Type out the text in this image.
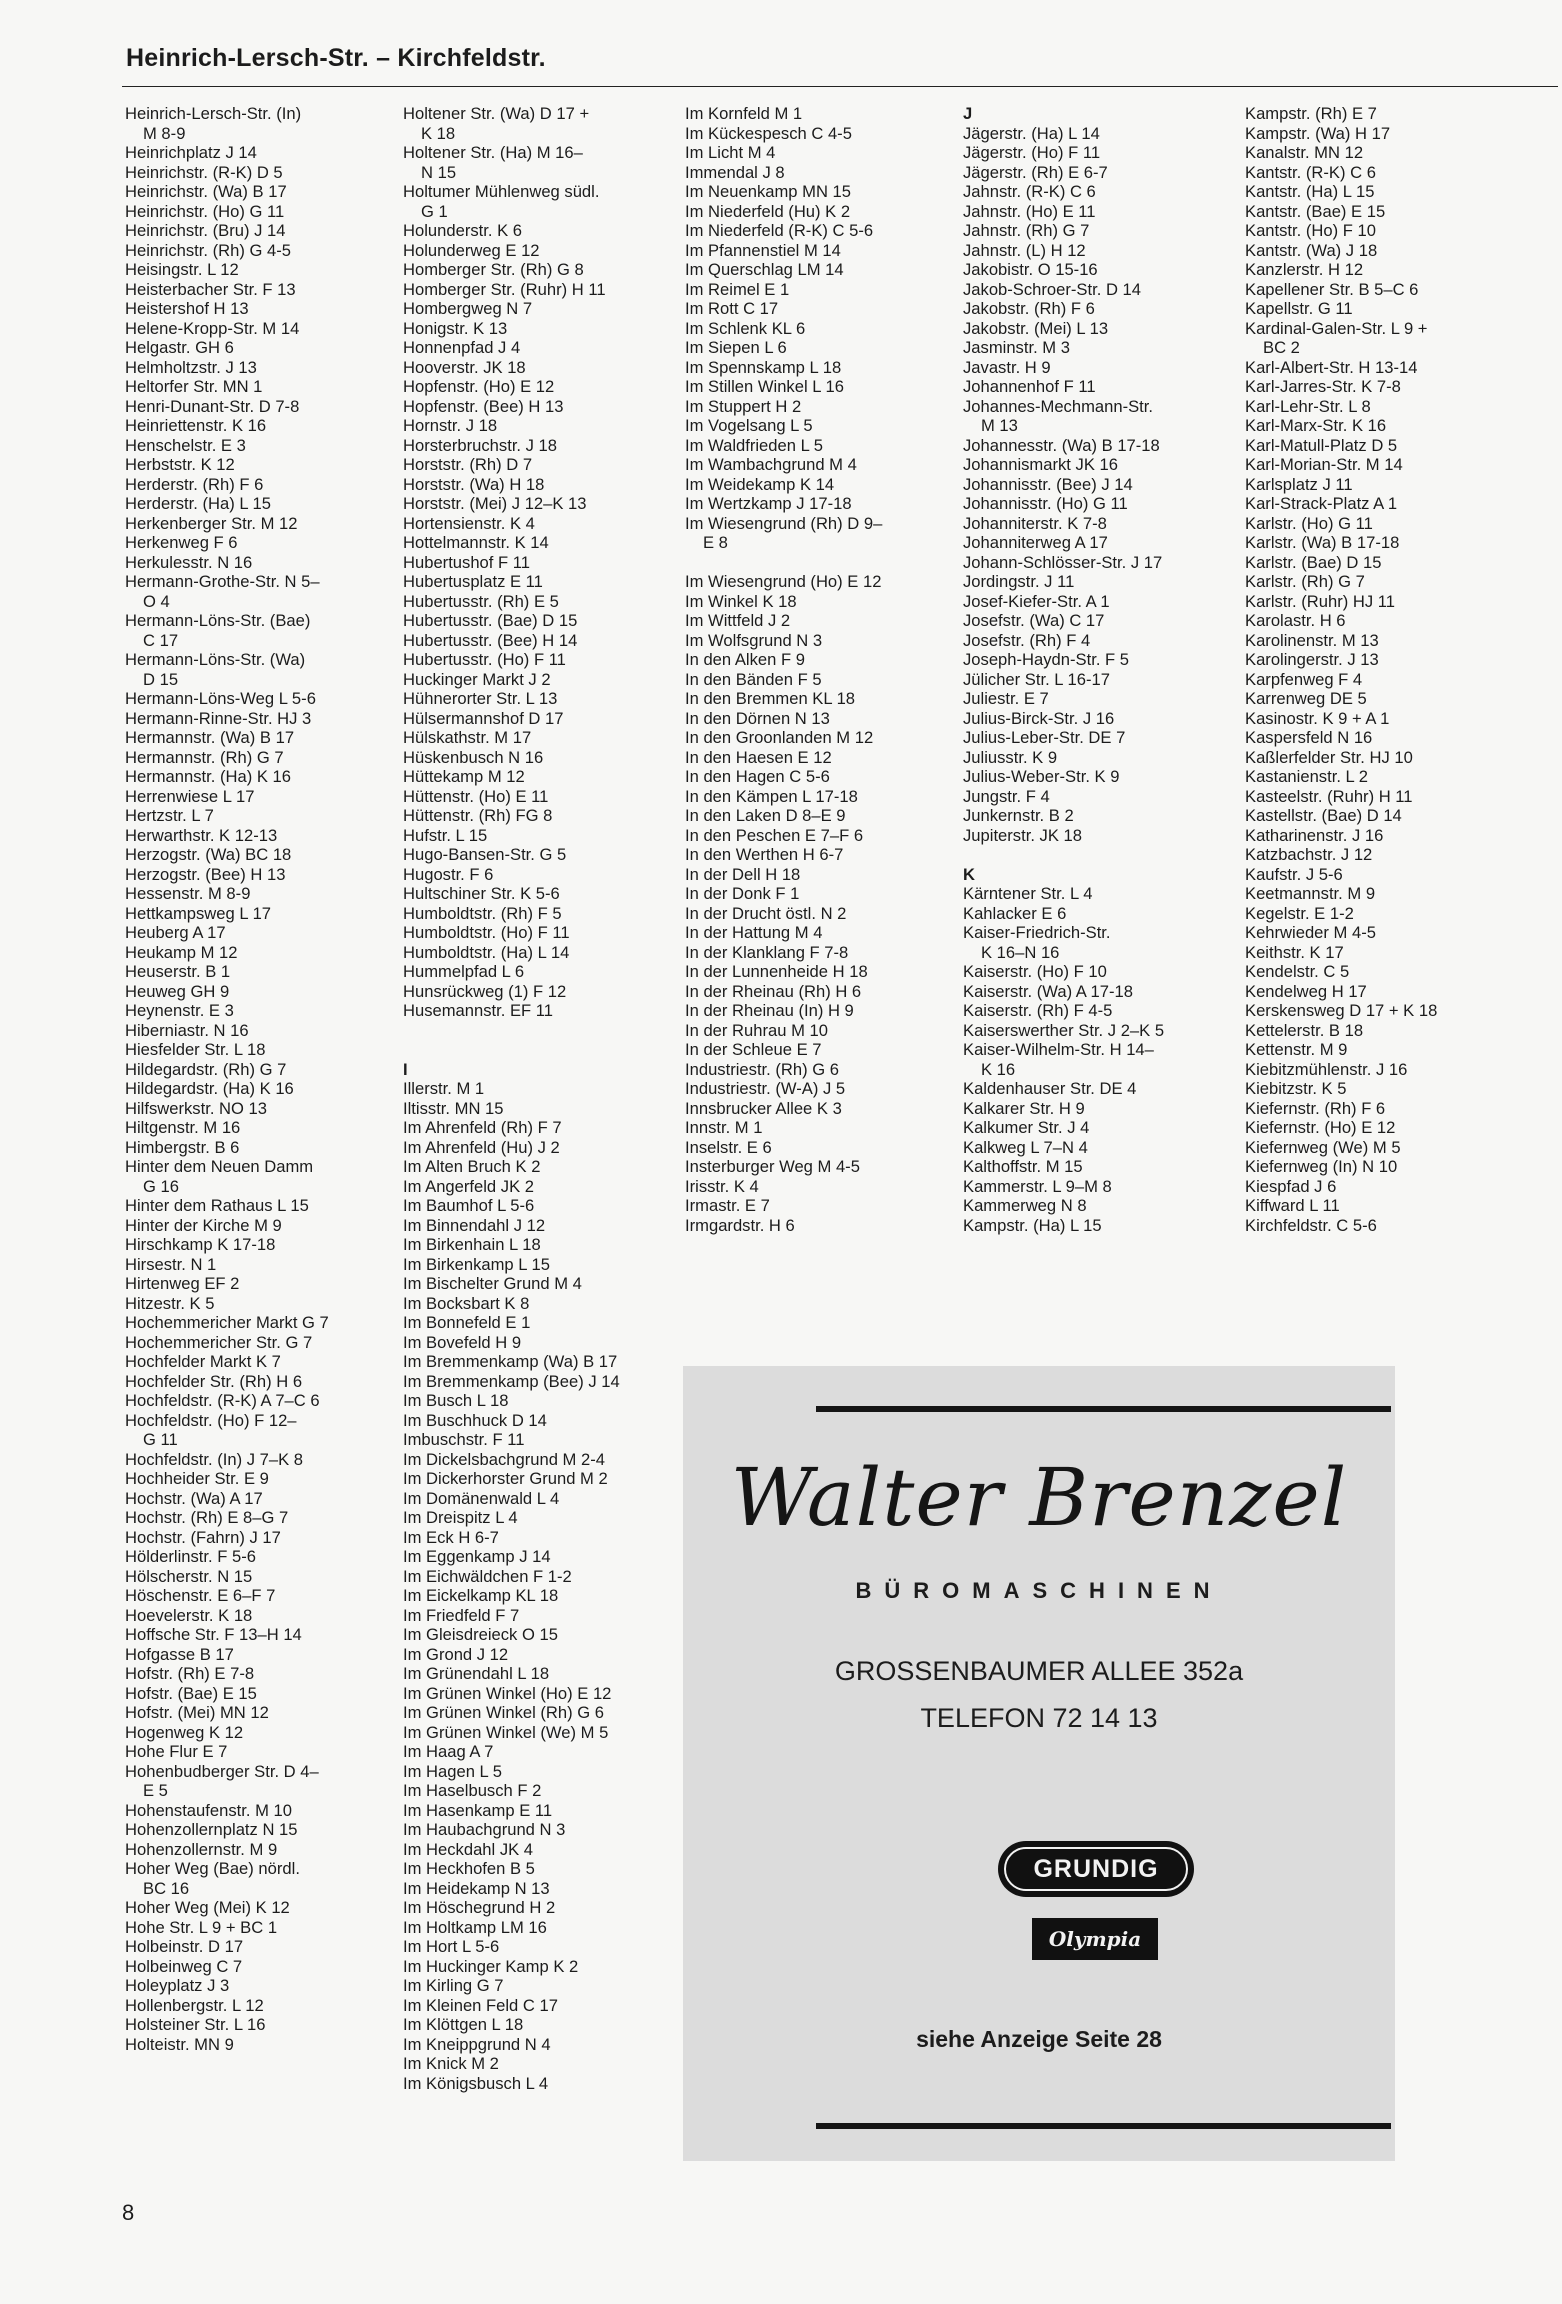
Heinrich-Lersch-Str. – Kirchfeldstr.
Heinrich-Lersch-Str. (In)
M 8-9
Heinrichplatz J 14
Heinrichstr. (R-K) D 5
Heinrichstr. (Wa) B 17
Heinrichstr. (Ho) G 11
Heinrichstr. (Bru) J 14
Heinrichstr. (Rh) G 4-5
Heisingstr. L 12
Heisterbacher Str. F 13
Heistershof H 13
Helene-Kropp-Str. M 14
Helgastr. GH 6
Helmholtzstr. J 13
Heltorfer Str. MN 1
Henri-Dunant-Str. D 7-8
Heinriettenstr. K 16
Henschelstr. E 3
Herbststr. K 12
Herderstr. (Rh) F 6
Herderstr. (Ha) L 15
Herkenberger Str. M 12
Herkenweg F 6
Herkulesstr. N 16
Hermann-Grothe-Str. N 5–
O 4
Hermann-Löns-Str. (Bae)
C 17
Hermann-Löns-Str. (Wa)
D 15
Hermann-Löns-Weg L 5-6
Hermann-Rinne-Str. HJ 3
Hermannstr. (Wa) B 17
Hermannstr. (Rh) G 7
Hermannstr. (Ha) K 16
Herrenwiese L 17
Hertzstr. L 7
Herwarthstr. K 12-13
Herzogstr. (Wa) BC 18
Herzogstr. (Bee) H 13
Hessenstr. M 8-9
Hettkampsweg L 17
Heuberg A 17
Heukamp M 12
Heuserstr. B 1
Heuweg GH 9
Heynenstr. E 3
Hiberniastr. N 16
Hiesfelder Str. L 18
Hildegardstr. (Rh) G 7
Hildegardstr. (Ha) K 16
Hilfswerkstr. NO 13
Hiltgenstr. M 16
Himbergstr. B 6
Hinter dem Neuen Damm
G 16
Hinter dem Rathaus L 15
Hinter der Kirche M 9
Hirschkamp K 17-18
Hirsestr. N 1
Hirtenweg EF 2
Hitzestr. K 5
Hochemmericher Markt G 7
Hochemmericher Str. G 7
Hochfelder Markt K 7
Hochfelder Str. (Rh) H 6
Hochfeldstr. (R-K) A 7–C 6
Hochfeldstr. (Ho) F 12–
G 11
Hochfeldstr. (In) J 7–K 8
Hochheider Str. E 9
Hochstr. (Wa) A 17
Hochstr. (Rh) E 8–G 7
Hochstr. (Fahrn) J 17
Hölderlinstr. F 5-6
Hölscherstr. N 15
Höschenstr. E 6–F 7
Hoevelerstr. K 18
Hoffsche Str. F 13–H 14
Hofgasse B 17
Hofstr. (Rh) E 7-8
Hofstr. (Bae) E 15
Hofstr. (Mei) MN 12
Hogenweg K 12
Hohe Flur E 7
Hohenbudberger Str. D 4–
E 5
Hohenstaufenstr. M 10
Hohenzollernplatz N 15
Hohenzollernstr. M 9
Hoher Weg (Bae) nördl.
BC 16
Hoher Weg (Mei) K 12
Hohe Str. L 9 + BC 1
Holbeinstr. D 17
Holbeinweg C 7
Holeyplatz J 3
Hollenbergstr. L 12
Holsteiner Str. L 16
Holteistr. MN 9
Holtener Str. (Wa) D 17 +
K 18
Holtener Str. (Ha) M 16–
N 15
Holtumer Mühlenweg südl.
G 1
Holunderstr. K 6
Holunderweg E 12
Homberger Str. (Rh) G 8
Homberger Str. (Ruhr) H 11
Hombergweg N 7
Honigstr. K 13
Honnenpfad J 4
Hooverstr. JK 18
Hopfenstr. (Ho) E 12
Hopfenstr. (Bee) H 13
Hornstr. J 18
Horsterbruchstr. J 18
Horststr. (Rh) D 7
Horststr. (Wa) H 18
Horststr. (Mei) J 12–K 13
Hortensienstr. K 4
Hottelmannstr. K 14
Hubertushof F 11
Hubertusplatz E 11
Hubertusstr. (Rh) E 5
Hubertusstr. (Bae) D 15
Hubertusstr. (Bee) H 14
Hubertusstr. (Ho) F 11
Huckinger Markt J 2
Hühnerorter Str. L 13
Hülsermannshof D 17
Hülskathstr. M 17
Hüskenbusch N 16
Hüttekamp M 12
Hüttenstr. (Ho) E 11
Hüttenstr. (Rh) FG 8
Hufstr. L 15
Hugo-Bansen-Str. G 5
Hugostr. F 6
Hultschiner Str. K 5-6
Humboldtstr. (Rh) F 5
Humboldtstr. (Ho) F 11
Humboldtstr. (Ha) L 14
Hummelpfad L 6
Hunsrückweg (1) F 12
Husemannstr. EF 11
I
Illerstr. M 1
Iltisstr. MN 15
Im Ahrenfeld (Rh) F 7
Im Ahrenfeld (Hu) J 2
Im Alten Bruch K 2
Im Angerfeld JK 2
Im Baumhof L 5-6
Im Binnendahl J 12
Im Birkenhain L 18
Im Birkenkamp L 15
Im Bischelter Grund M 4
Im Bocksbart K 8
Im Bonnefeld E 1
Im Bovefeld H 9
Im Bremmenkamp (Wa) B 17
Im Bremmenkamp (Bee) J 14
Im Busch L 18
Im Buschhuck D 14
Imbuschstr. F 11
Im Dickelsbachgrund M 2-4
Im Dickerhorster Grund M 2
Im Domänenwald L 4
Im Dreispitz L 4
Im Eck H 6-7
Im Eggenkamp J 14
Im Eichwäldchen F 1-2
Im Eickelkamp KL 18
Im Friedfeld F 7
Im Gleisdreieck O 15
Im Grond J 12
Im Grünendahl L 18
Im Grünen Winkel (Ho) E 12
Im Grünen Winkel (Rh) G 6
Im Grünen Winkel (We) M 5
Im Haag A 7
Im Hagen L 5
Im Haselbusch F 2
Im Hasenkamp E 11
Im Haubachgrund N 3
Im Heckdahl JK 4
Im Heckhofen B 5
Im Heidekamp N 13
Im Höschegrund H 2
Im Holtkamp LM 16
Im Hort L 5-6
Im Huckinger Kamp K 2
Im Kirling G 7
Im Kleinen Feld C 17
Im Klöttgen L 18
Im Kneippgrund N 4
Im Knick M 2
Im Königsbusch L 4
Im Kornfeld M 1
Im Kückespesch C 4-5
Im Licht M 4
Immendal J 8
Im Neuenkamp MN 15
Im Niederfeld (Hu) K 2
Im Niederfeld (R-K) C 5-6
Im Pfannenstiel M 14
Im Querschlag LM 14
Im Reimel E 1
Im Rott C 17
Im Schlenk KL 6
Im Siepen L 6
Im Spennskamp L 18
Im Stillen Winkel L 16
Im Stuppert H 2
Im Vogelsang L 5
Im Waldfrieden L 5
Im Wambachgrund M 4
Im Weidekamp K 14
Im Wertzkamp J 17-18
Im Wiesengrund (Rh) D 9–
E 8
Im Wiesengrund (Ho) E 12
Im Winkel K 18
Im Wittfeld J 2
Im Wolfsgrund N 3
In den Alken F 9
In den Bänden F 5
In den Bremmen KL 18
In den Dörnen N 13
In den Groonlanden M 12
In den Haesen E 12
In den Hagen C 5-6
In den Kämpen L 17-18
In den Laken D 8–E 9
In den Peschen E 7–F 6
In den Werthen H 6-7
In der Dell H 18
In der Donk F 1
In der Drucht östl. N 2
In der Hattung M 4
In der Klanklang F 7-8
In der Lunnenheide H 18
In der Rheinau (Rh) H 6
In der Rheinau (In) H 9
In der Ruhrau M 10
In der Schleue E 7
Industriestr. (Rh) G 6
Industriestr. (W-A) J 5
Innsbrucker Allee K 3
Innstr. M 1
Inselstr. E 6
Insterburger Weg M 4-5
Irisstr. K 4
Irmastr. E 7
Irmgardstr. H 6
J
Jägerstr. (Ha) L 14
Jägerstr. (Ho) F 11
Jägerstr. (Rh) E 6-7
Jahnstr. (R-K) C 6
Jahnstr. (Ho) E 11
Jahnstr. (Rh) G 7
Jahnstr. (L) H 12
Jakobistr. O 15-16
Jakob-Schroer-Str. D 14
Jakobstr. (Rh) F 6
Jakobstr. (Mei) L 13
Jasminstr. M 3
Javastr. H 9
Johannenhof F 11
Johannes-Mechmann-Str.
M 13
Johannesstr. (Wa) B 17-18
Johannismarkt JK 16
Johannisstr. (Bee) J 14
Johannisstr. (Ho) G 11
Johanniterstr. K 7-8
Johanniterweg A 17
Johann-Schlösser-Str. J 17
Jordingstr. J 11
Josef-Kiefer-Str. A 1
Josefstr. (Wa) C 17
Josefstr. (Rh) F 4
Joseph-Haydn-Str. F 5
Jülicher Str. L 16-17
Juliestr. E 7
Julius-Birck-Str. J 16
Julius-Leber-Str. DE 7
Juliusstr. K 9
Julius-Weber-Str. K 9
Jungstr. F 4
Junkernstr. B 2
Jupiterstr. JK 18
K
Kärntener Str. L 4
Kahlacker E 6
Kaiser-Friedrich-Str.
K 16–N 16
Kaiserstr. (Ho) F 10
Kaiserstr. (Wa) A 17-18
Kaiserstr. (Rh) F 4-5
Kaiserswerther Str. J 2–K 5
Kaiser-Wilhelm-Str. H 14–
K 16
Kaldenhauser Str. DE 4
Kalkarer Str. H 9
Kalkumer Str. J 4
Kalkweg L 7–N 4
Kalthoffstr. M 15
Kammerstr. L 9–M 8
Kammerweg N 8
Kampstr. (Ha) L 15
Kampstr. (Rh) E 7
Kampstr. (Wa) H 17
Kanalstr. MN 12
Kantstr. (R-K) C 6
Kantstr. (Ha) L 15
Kantstr. (Bae) E 15
Kantstr. (Ho) F 10
Kantstr. (Wa) J 18
Kanzlerstr. H 12
Kapellener Str. B 5–C 6
Kapellstr. G 11
Kardinal-Galen-Str. L 9 +
BC 2
Karl-Albert-Str. H 13-14
Karl-Jarres-Str. K 7-8
Karl-Lehr-Str. L 8
Karl-Marx-Str. K 16
Karl-Matull-Platz D 5
Karl-Morian-Str. M 14
Karlsplatz J 11
Karl-Strack-Platz A 1
Karlstr. (Ho) G 11
Karlstr. (Wa) B 17-18
Karlstr. (Bae) D 15
Karlstr. (Rh) G 7
Karlstr. (Ruhr) HJ 11
Karolastr. H 6
Karolinenstr. M 13
Karolingerstr. J 13
Karpfenweg F 4
Karrenweg DE 5
Kasinostr. K 9 + A 1
Kaspersfeld N 16
Kaßlerfelder Str. HJ 10
Kastanienstr. L 2
Kasteelstr. (Ruhr) H 11
Kastellstr. (Bae) D 14
Katharinenstr. J 16
Katzbachstr. J 12
Kaufstr. J 5-6
Keetmannstr. M 9
Kegelstr. E 1-2
Kehrwieder M 4-5
Keithstr. K 17
Kendelstr. C 5
Kendelweg H 17
Kerskensweg D 17 + K 18
Kettelerstr. B 18
Kettenstr. M 9
Kiebitzmühlenstr. J 16
Kiebitzstr. K 5
Kiefernstr. (Rh) F 6
Kiefernstr. (Ho) E 12
Kiefernweg (We) M 5
Kiefernweg (In) N 10
Kiespfad J 6
Kiffward L 11
Kirchfeldstr. C 5-6
Walter Brenzel
BÜROMASCHINEN
GROSSENBAUMER ALLEE 352a
TELEFON 72 14 13
GRUNDIG
Olympia
siehe Anzeige Seite 28
8
